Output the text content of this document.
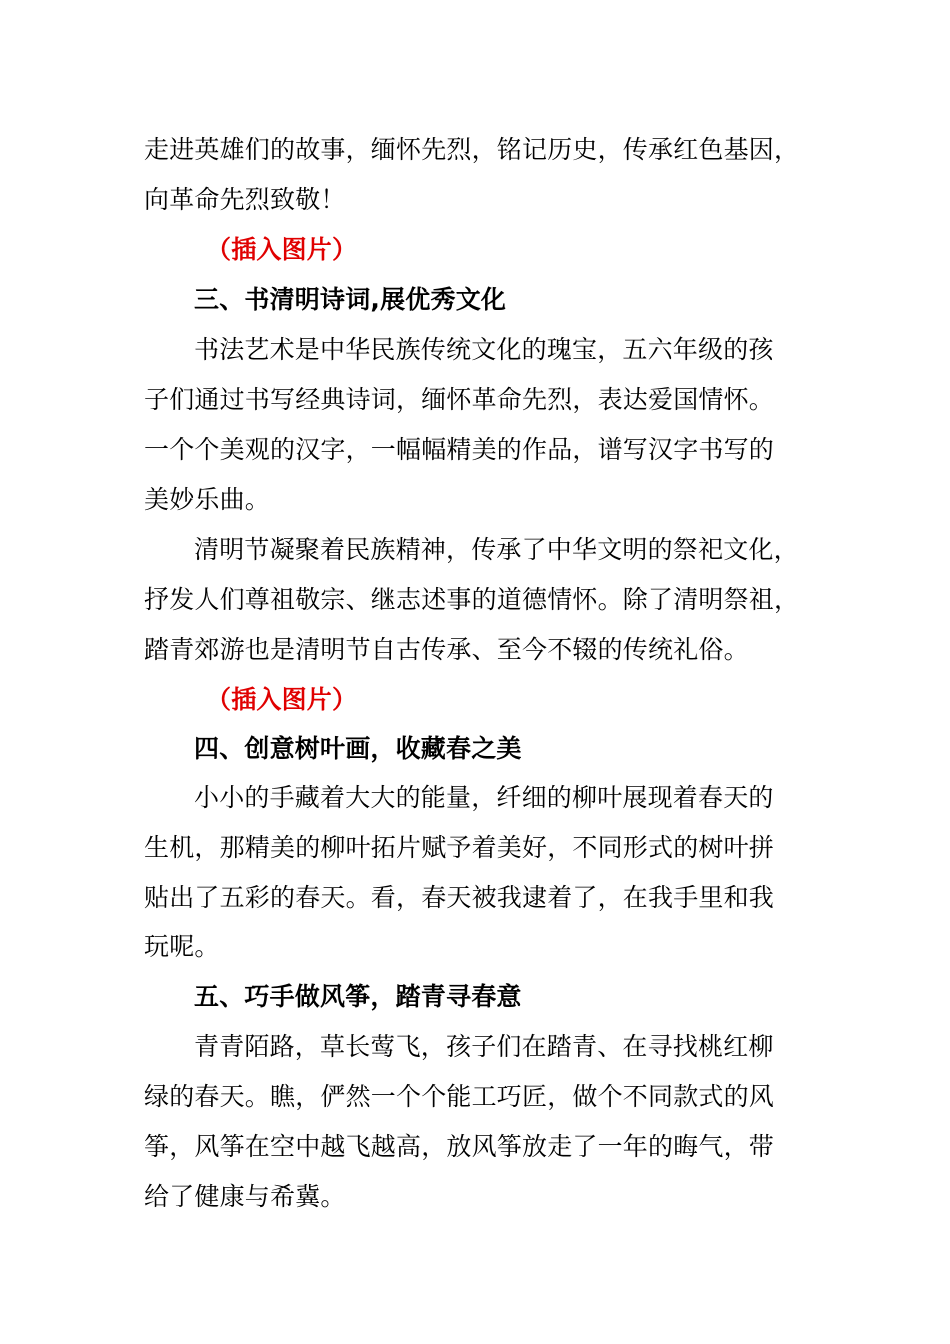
走进英雄们的故事，缅怀先烈，铭记历史，传承红色基因，
向革命先烈致敬！
（插入图片）
三、书清明诗词,展优秀文化
书法艺术是中华民族传统文化的瑰宝，五六年级的孩
子们通过书写经典诗词，缅怀革命先烈，表达爱国情怀。
一个个美观的汉字，一幅幅精美的作品，谱写汉字书写的
美妙乐曲。
清明节凝聚着民族精神，传承了中华文明的祭祀文化，
抒发人们尊祖敬宗、继志述事的道德情怀。除了清明祭祖，
踏青郊游也是清明节自古传承、至今不辍的传统礼俗。
（插入图片）
四、创意树叶画，收藏春之美
小小的手藏着大大的能量，纤细的柳叶展现着春天的
生机，那精美的柳叶拓片赋予着美好，不同形式的树叶拼
贴出了五彩的春天。看，春天被我逮着了，在我手里和我
玩呢。
五、巧手做风筝，踏青寻春意
青青陌路，草长莺飞，孩子们在踏青、在寻找桃红柳
绿的春天。瞧，俨然一个个能工巧匠，做个不同款式的风
筝，风筝在空中越飞越高，放风筝放走了一年的晦气，带
给了健康与希冀。
